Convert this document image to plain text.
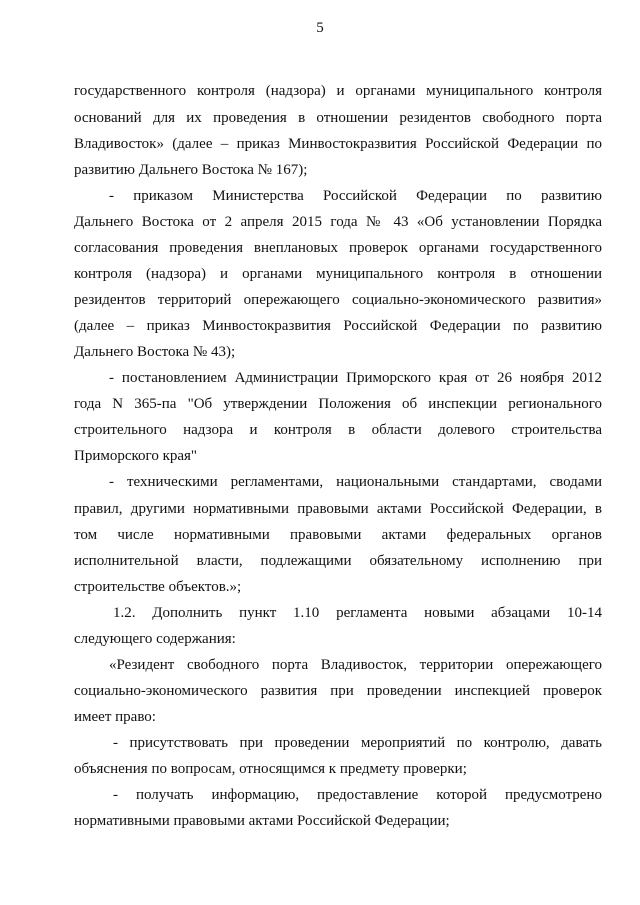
5
государственного контроля (надзора) и органами муниципального контроля
оснований для их проведения в отношении резидентов свободного порта
Владивосток» (далее – приказ Минвостокразвития Российской Федерации по
развитию Дальнего Востока № 167);
- приказом Министерства Российской Федерации по развитию
Дальнего Востока от 2 апреля 2015 года № 43 «Об установлении Порядка
согласования проведения внеплановых проверок органами государственного
контроля (надзора) и органами муниципального контроля в отношении
резидентов территорий опережающего социально-экономического развития»
(далее – приказ Минвостокразвития Российской Федерации по развитию
Дальнего Востока № 43);
- постановлением Администрации Приморского края от 26 ноября 2012
года N 365-па "Об утверждении Положения об инспекции регионального
строительного надзора и контроля в области долевого строительства
Приморского края"
- техническими регламентами, национальными стандартами, сводами
правил, другими нормативными правовыми актами Российской Федерации, в
том числе нормативными правовыми актами федеральных органов
исполнительной власти, подлежащими обязательному исполнению при
строительстве объектов.»;
1.2. Дополнить пункт 1.10 регламента новыми абзацами 10-14
следующего содержания:
«Резидент свободного порта Владивосток, территории опережающего
социально-экономического развития при проведении инспекцией проверок
имеет право:
- присутствовать при проведении мероприятий по контролю, давать
объяснения по вопросам, относящимся к предмету проверки;
- получать информацию, предоставление которой предусмотрено
нормативными правовыми актами Российской Федерации;
